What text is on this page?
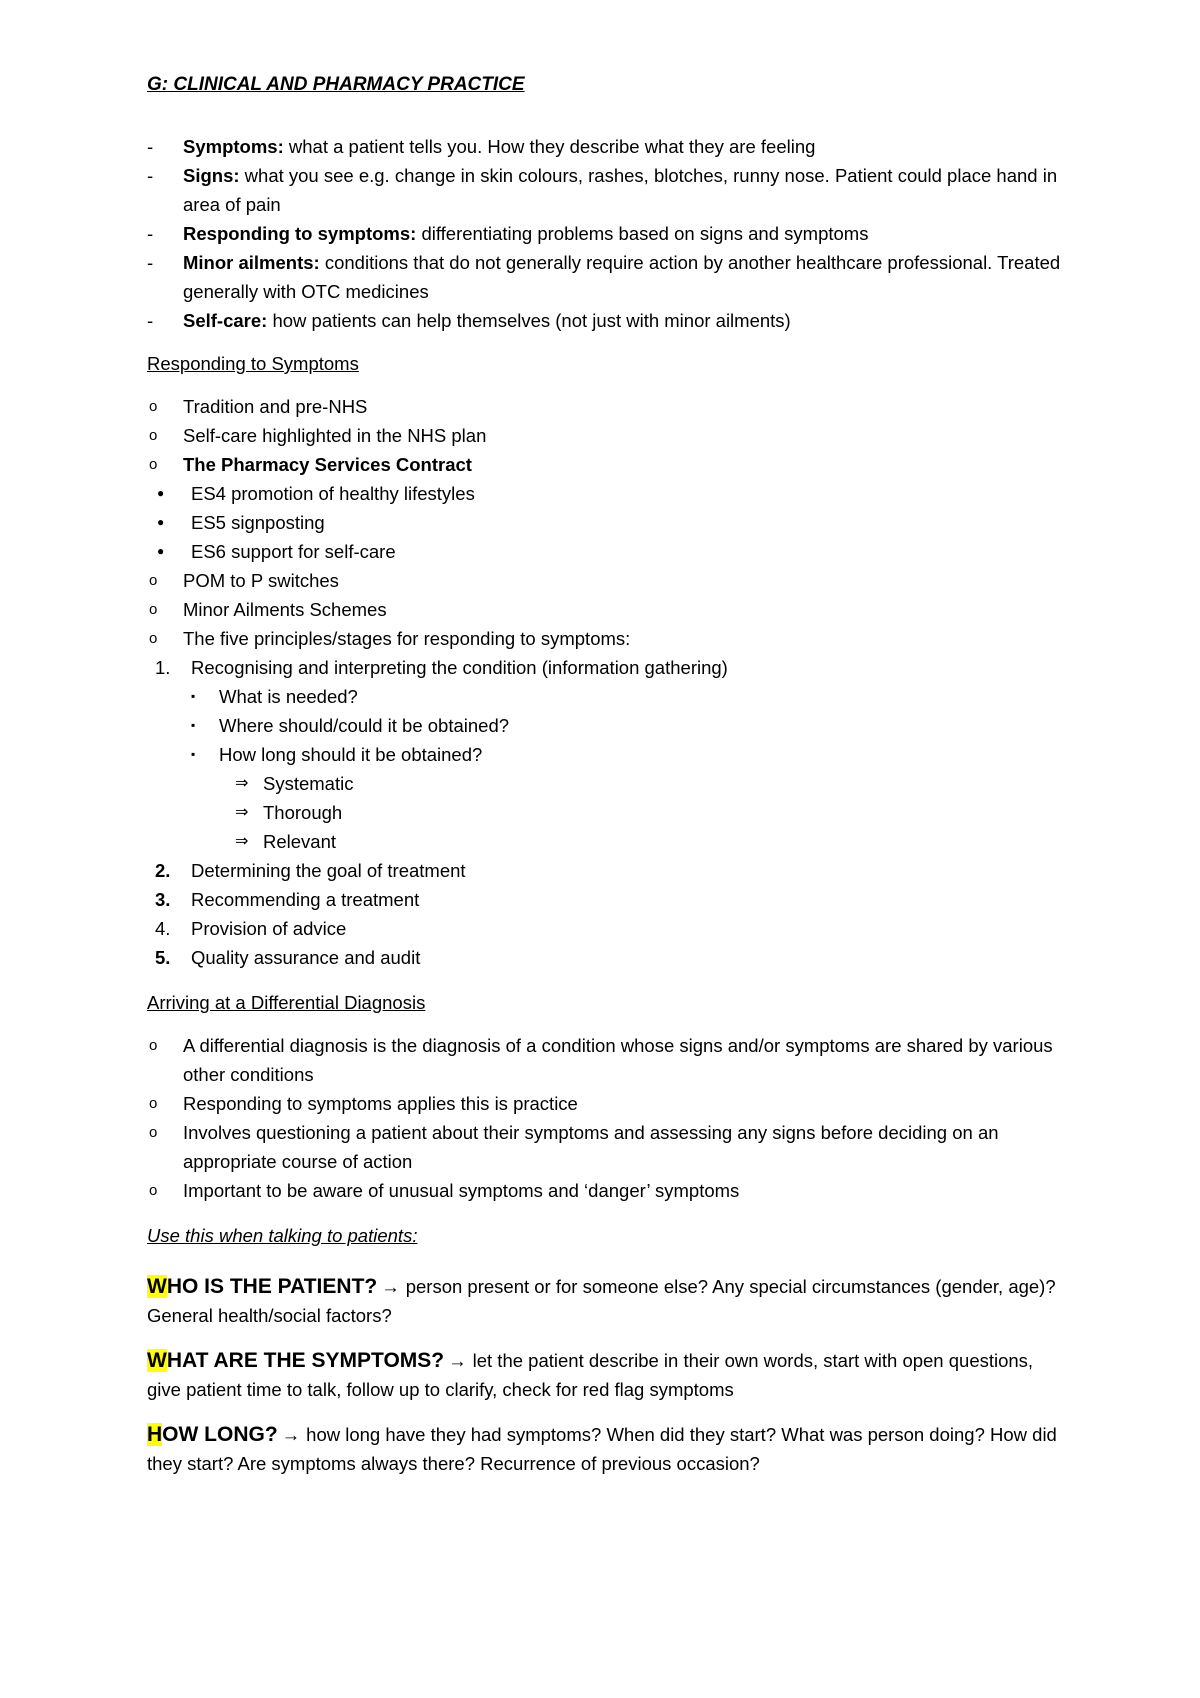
G: CLINICAL AND PHARMACY PRACTICE
-	Symptoms: what a patient tells you. How they describe what they are feeling
-	Signs: what you see e.g. change in skin colours, rashes, blotches, runny nose. Patient could place hand in area of pain
-	Responding to symptoms: differentiating problems based on signs and symptoms
-	Minor ailments: conditions that do not generally require action by another healthcare professional. Treated generally with OTC medicines
-	Self-care: how patients can help themselves (not just with minor ailments)
Responding to Symptoms
o Tradition and pre-NHS
o Self-care highlighted in the NHS plan
o The Pharmacy Services Contract
● ES4 promotion of healthy lifestyles
● ES5 signposting
● ES6 support for self-care
o POM to P switches
o Minor Ailments Schemes
o The five principles/stages for responding to symptoms:
1.	Recognising and interpreting the condition (information gathering)
▪ What is needed?
▪ Where should/could it be obtained?
▪ How long should it be obtained?
⇒ Systematic
⇒ Thorough
⇒ Relevant
2.	Determining the goal of treatment
3.	Recommending a treatment
4.	Provision of advice
5.	Quality assurance and audit
Arriving at a Differential Diagnosis
o A differential diagnosis is the diagnosis of a condition whose signs and/or symptoms are shared by various other conditions
o Responding to symptoms applies this is practice
o Involves questioning a patient about their symptoms and assessing any signs before deciding on an appropriate course of action
o Important to be aware of unusual symptoms and ‘danger’ symptoms
Use this when talking to patients:

WHO IS THE PATIENT? → person present or for someone else? Any special circumstances (gender, age)? General health/social factors?

WHAT ARE THE SYMPTOMS? → let the patient describe in their own words, start with open questions, give patient time to talk, follow up to clarify, check for red flag symptoms

HOW LONG? → how long have they had symptoms? When did they start? What was person doing? How did they start? Are symptoms always there? Recurrence of previous occasion?
